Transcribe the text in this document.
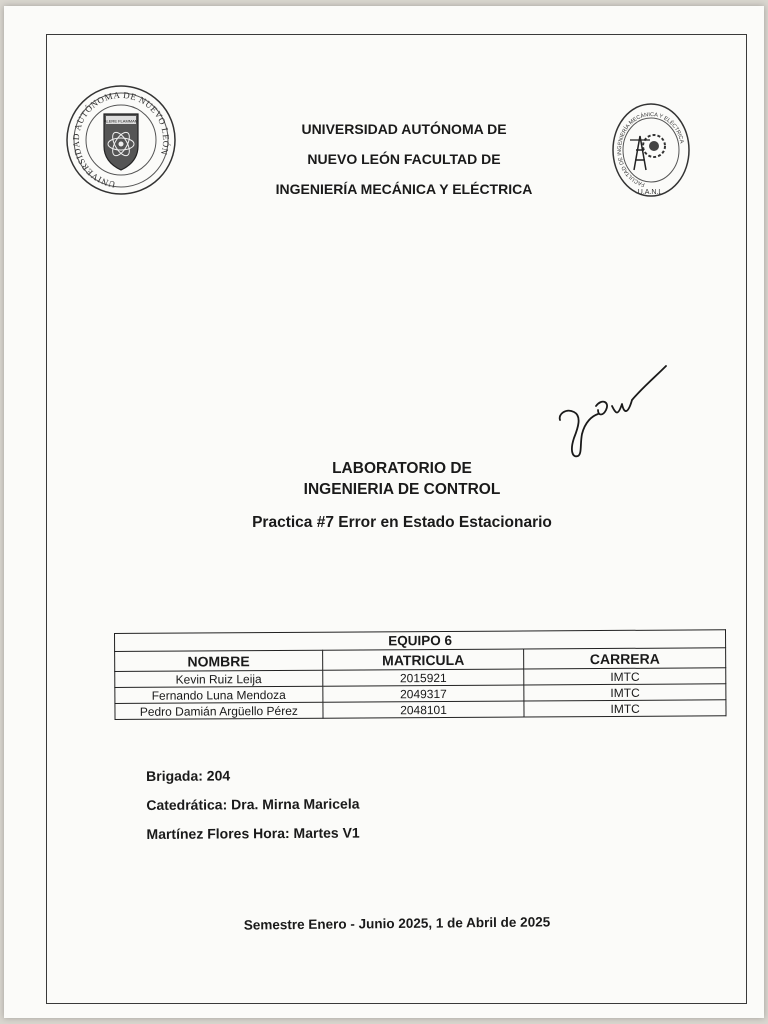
UNIVERSIDAD AUTÓNOMA DE NUEVO LEÓN
ALERE FLAMMAM
FACULTAD DE INGENIERÍA MECÁNICA Y ELÉCTRICA
U.A.N.L.
UNIVERSIDAD AUTÓNOMA DE
NUEVO LEÓN FACULTAD DE
INGENIERÍA MECÁNICA Y ELÉCTRICA
LABORATORIO DE
INGENIERIA DE CONTROL
Practica #7 Error en Estado Estacionario
EQUIPO 6		
NOMBRE	MATRICULA	CARRERA
Kevin Ruiz Leija	2015921	IMTC
Fernando Luna Mendoza	2049317	IMTC
Pedro Damián Argüello Pérez	2048101	IMTC
Brigada: 204
Catedrática: Dra. Mirna Maricela
Martínez Flores Hora: Martes V1
Semestre Enero - Junio 2025, 1 de Abril de 2025
